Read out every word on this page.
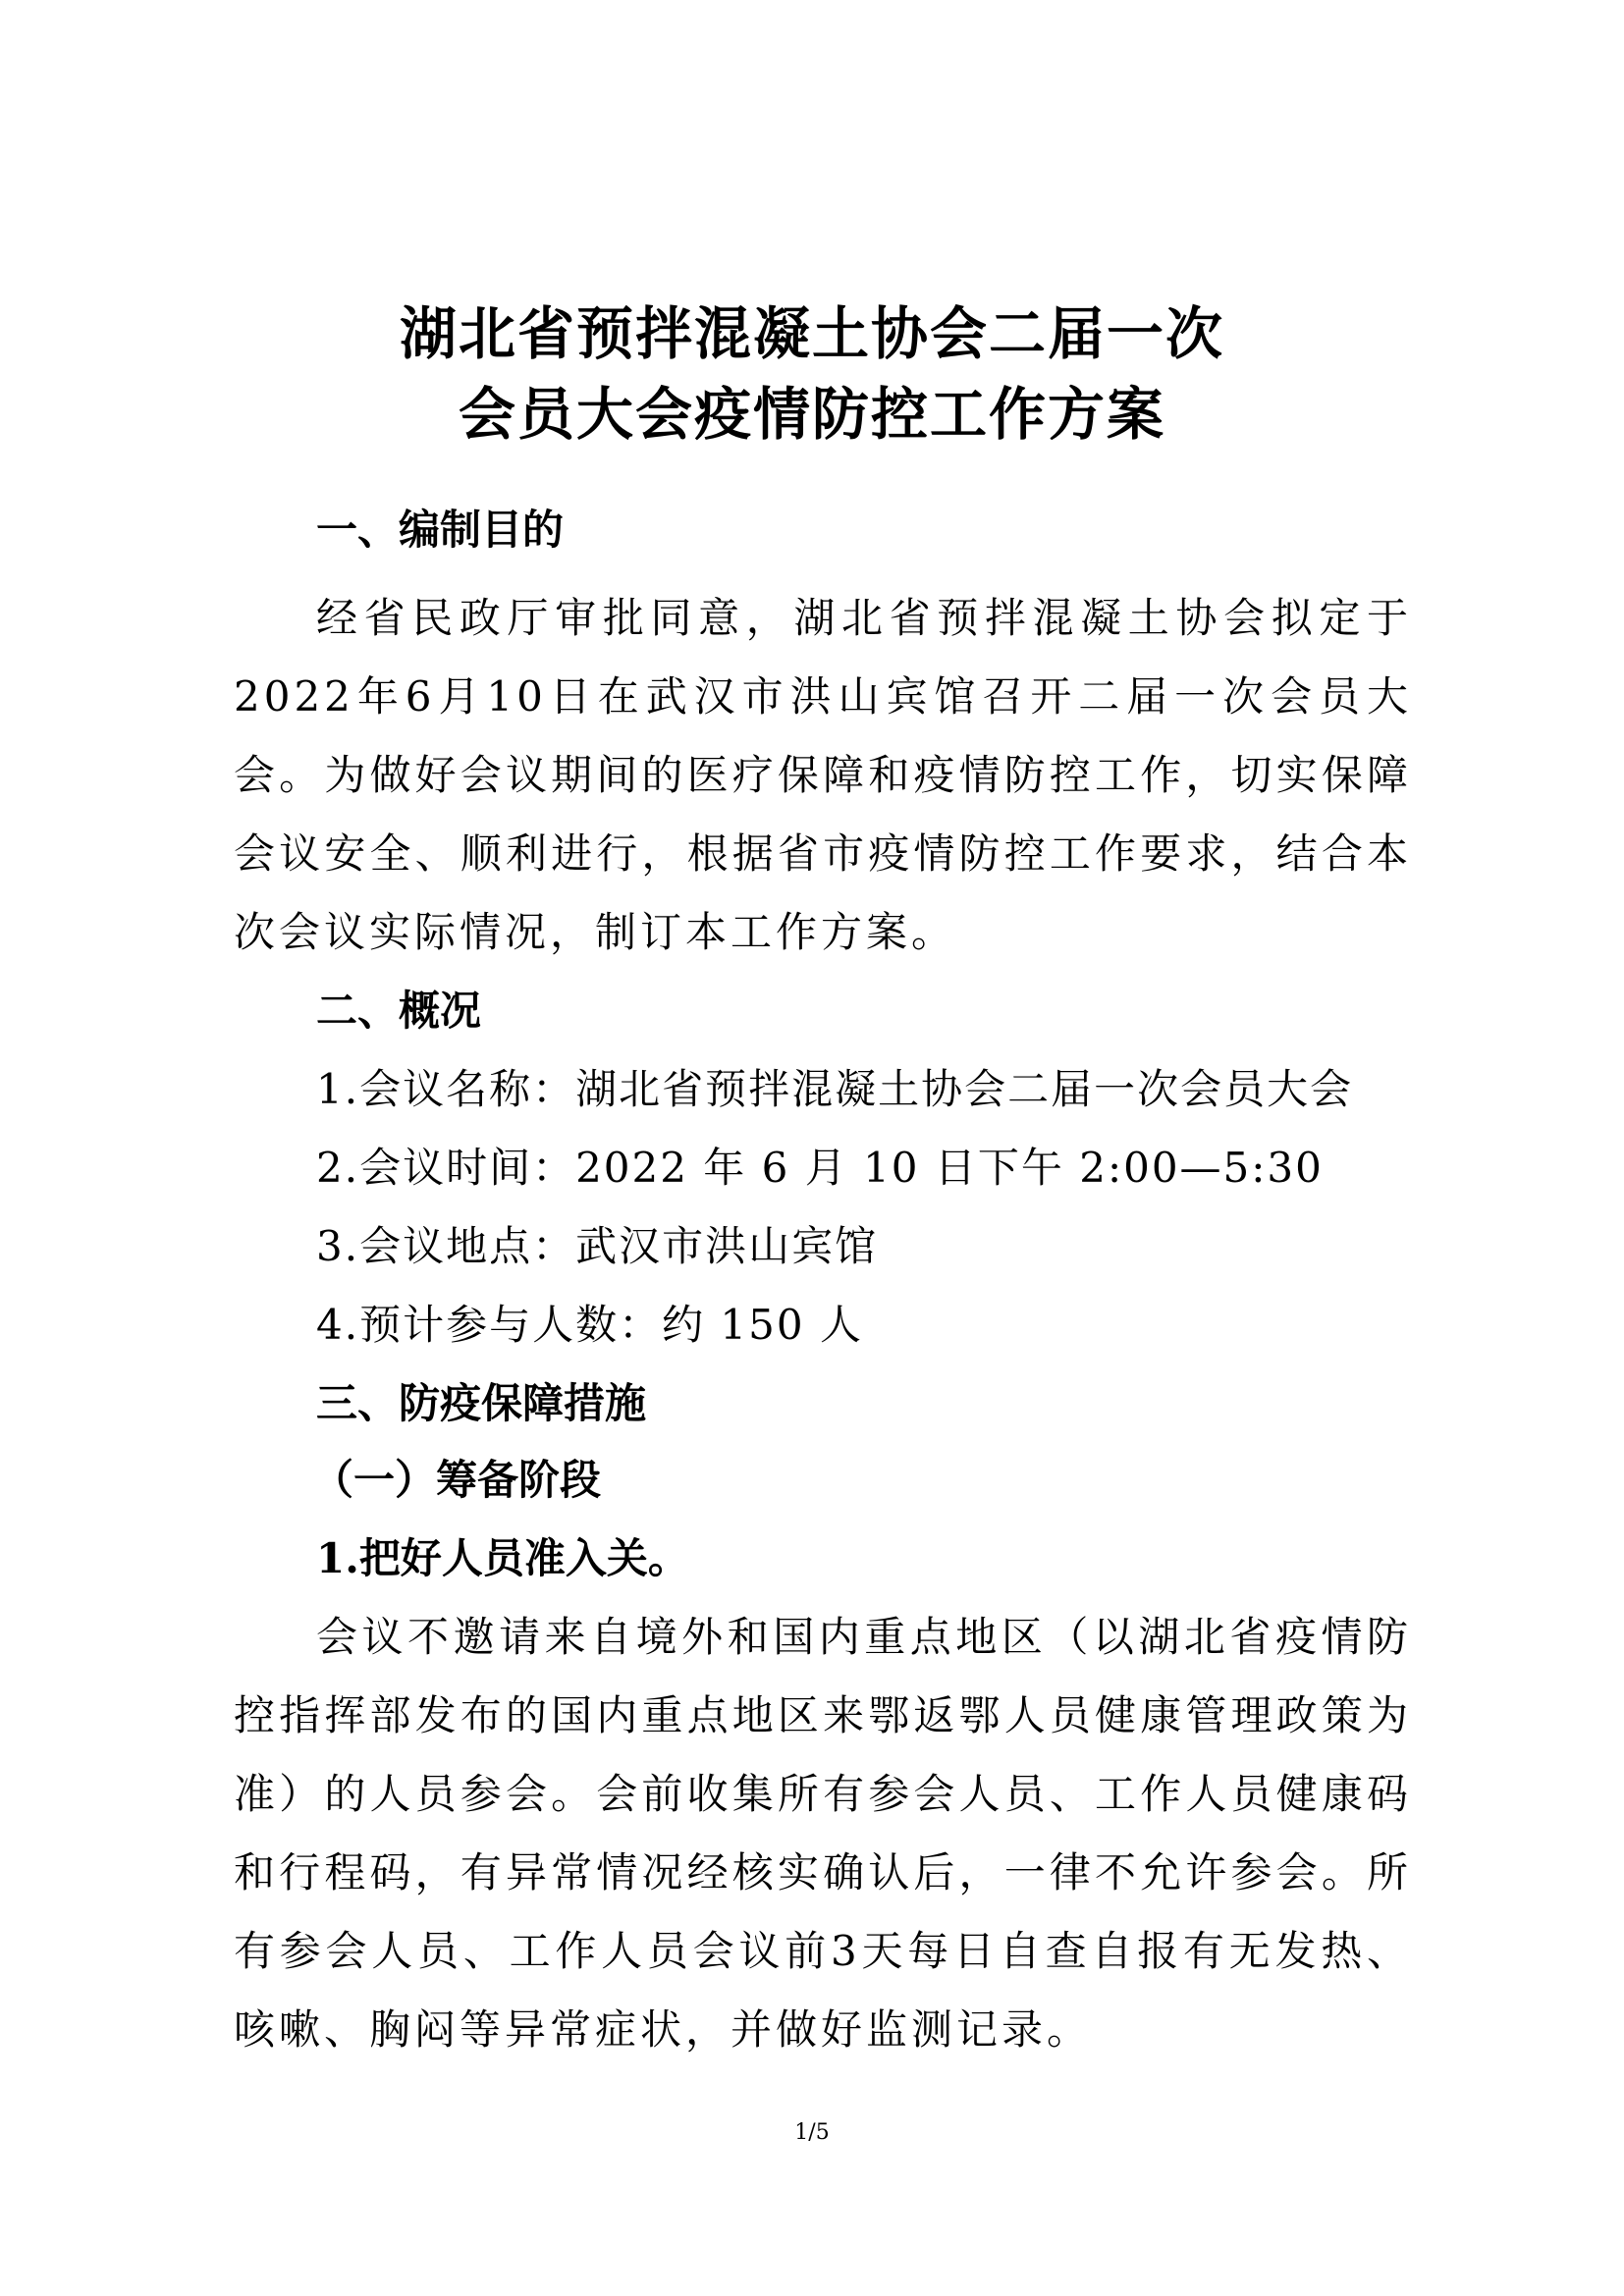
湖北省预拌混凝土协会二届一次
会员大会疫情防控工作方案
一、编制目的
经省民政厅审批同意，湖北省预拌混凝土协会拟定于2022年6月10日在武汉市洪山宾馆召开二届一次会员大会。为做好会议期间的医疗保障和疫情防控工作，切实保障会议安全、顺利进行，根据省市疫情防控工作要求，结合本次会议实际情况，制订本工作方案。
二、概况
1.会议名称：湖北省预拌混凝土协会二届一次会员大会
2.会议时间：2022 年 6 月 10 日下午 2:00—5:30
3.会议地点：武汉市洪山宾馆
4.预计参与人数：约 150 人
三、防疫保障措施
（一）筹备阶段
1.把好人员准入关。
会议不邀请来自境外和国内重点地区（以湖北省疫情防控指挥部发布的国内重点地区来鄂返鄂人员健康管理政策为准）的人员参会。会前收集所有参会人员、工作人员健康码和行程码，有异常情况经核实确认后，一律不允许参会。所有参会人员、工作人员会议前3天每日自查自报有无发热、咳嗽、胸闷等异常症状，并做好监测记录。
1/5
